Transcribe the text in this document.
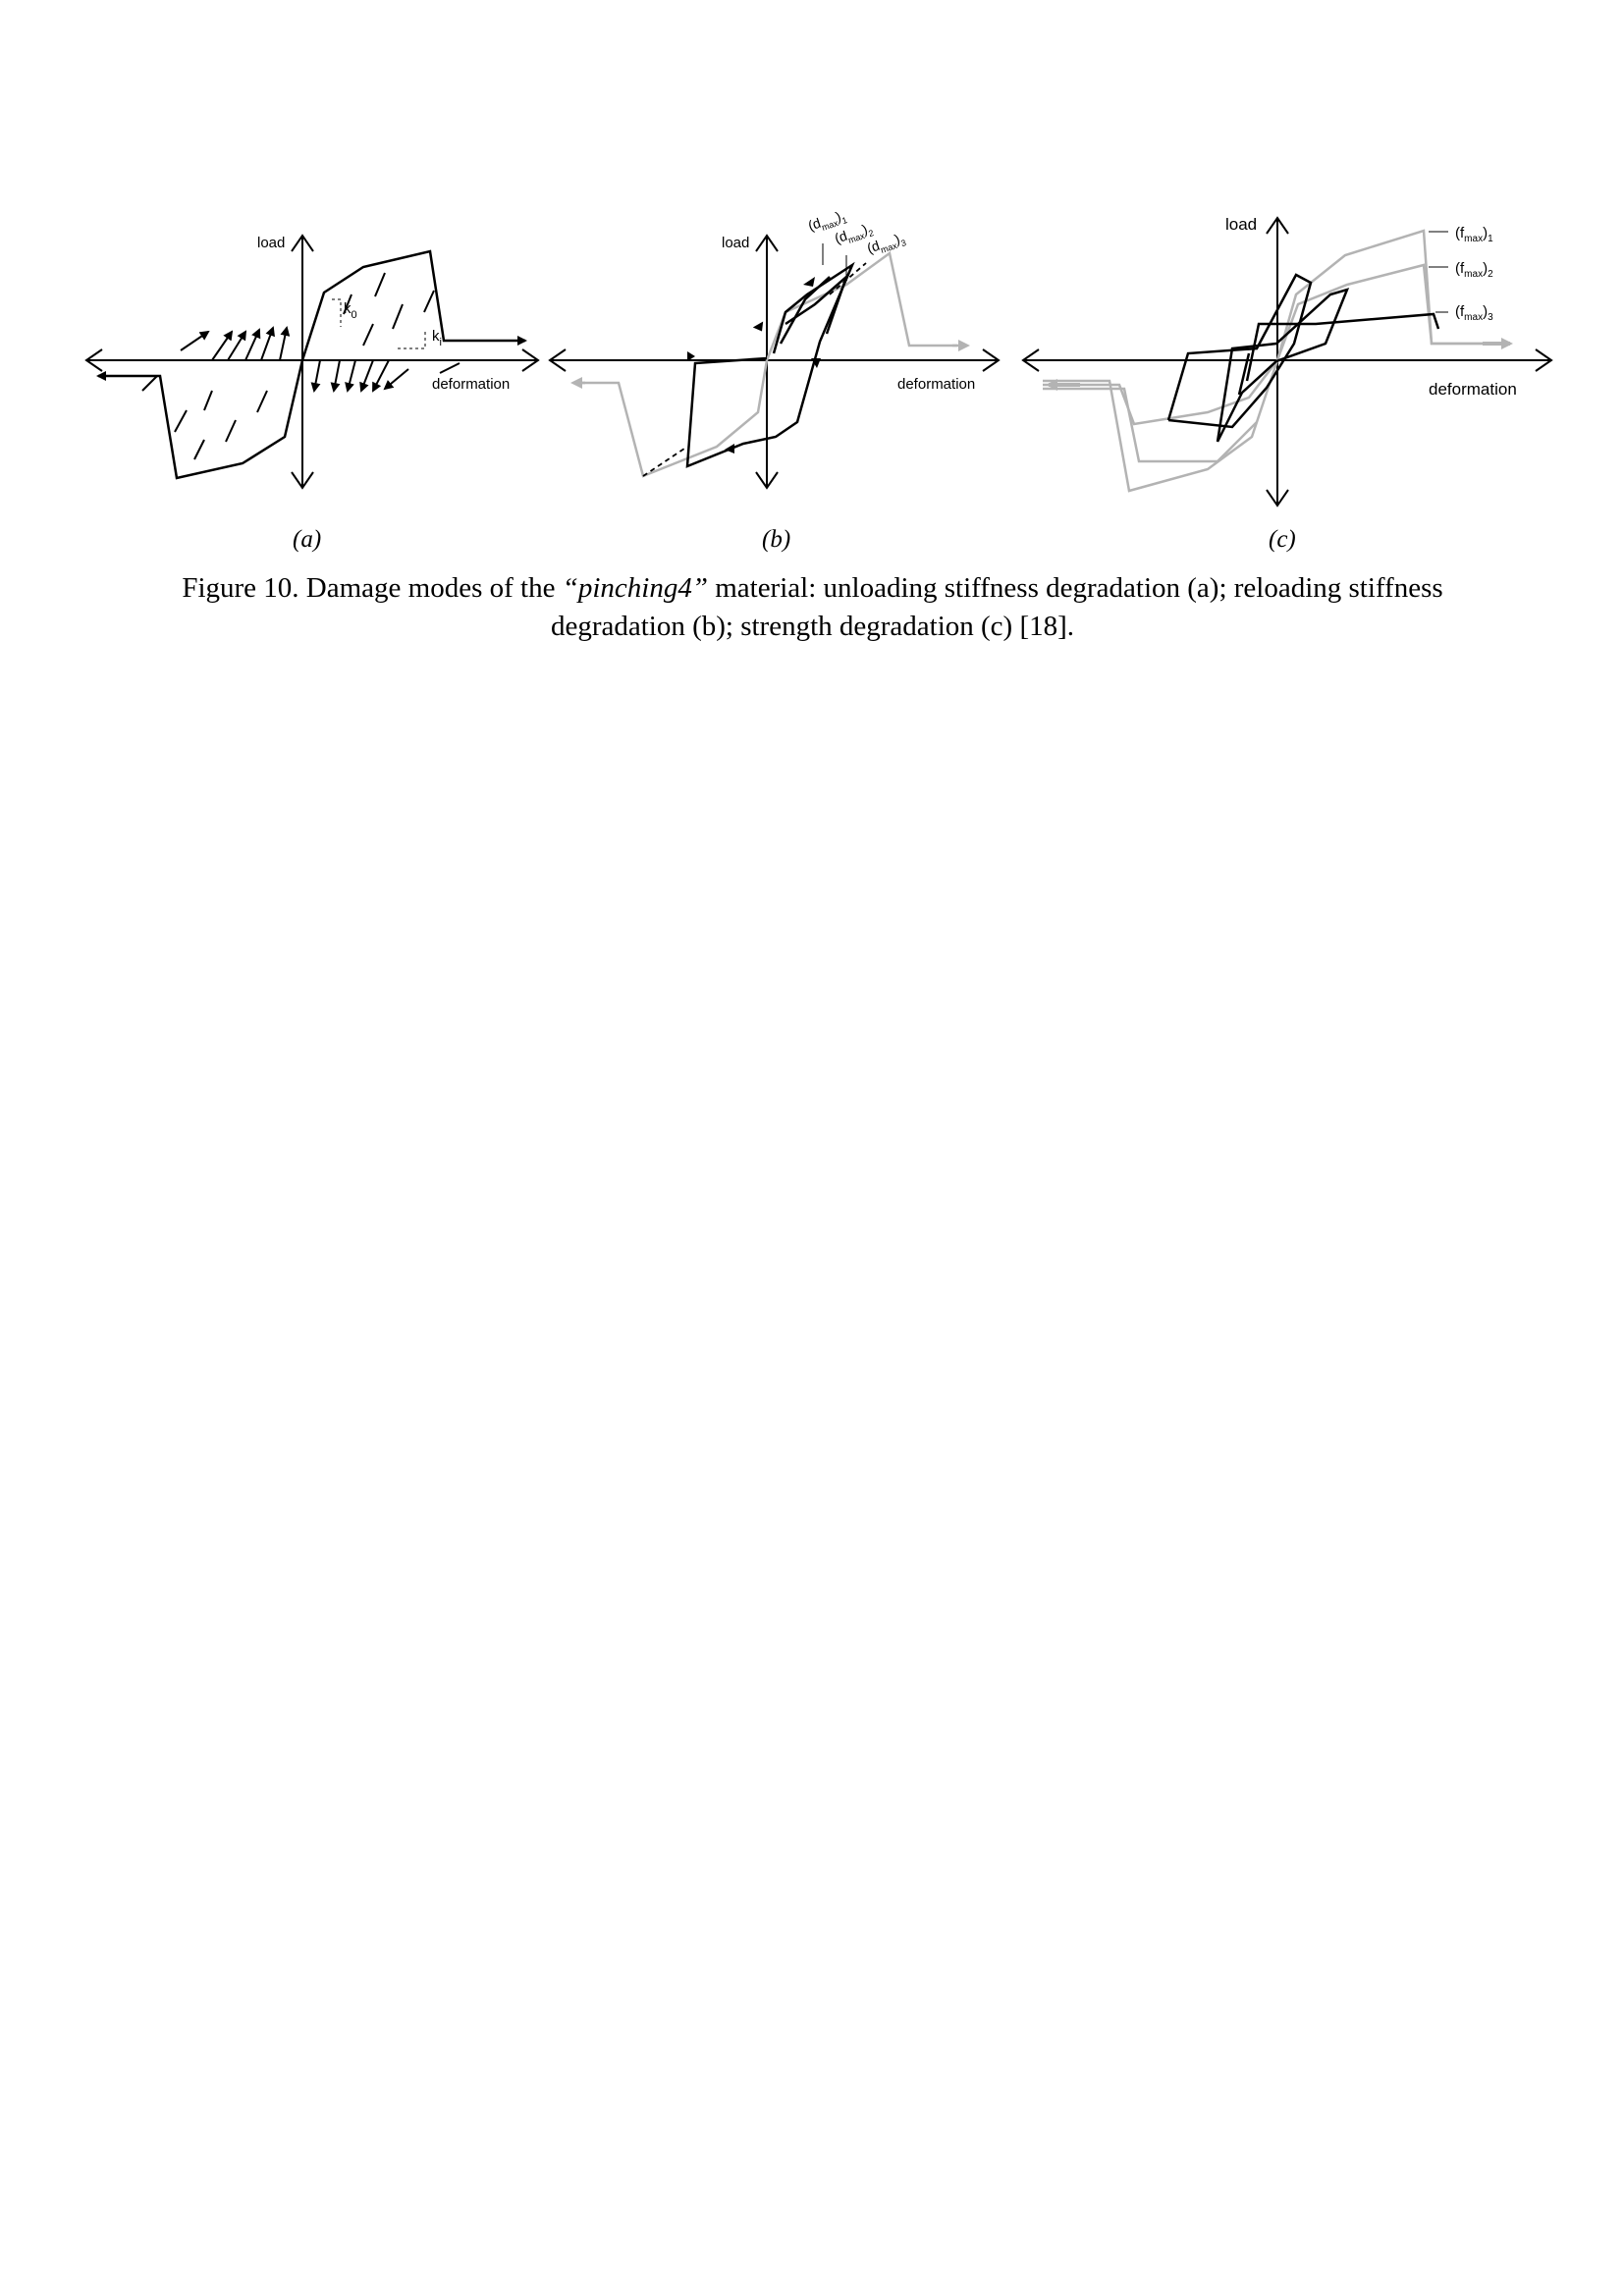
load
deformation
$k_0$
$k_i$
load
deformation
$(d_{max})_1$
$(d_{max})_2$
$(d_{max})_3$
load
deformation
$(f_{max})_1$
$(f_{max})_2$
$(f_{max})_3$
(a)	(b)	(c)
Figure 10. Damage modes of the “pinching4” material: unloading stiffness degradation (a); reloading stiffness degradation (b); strength degradation (c) [18].
